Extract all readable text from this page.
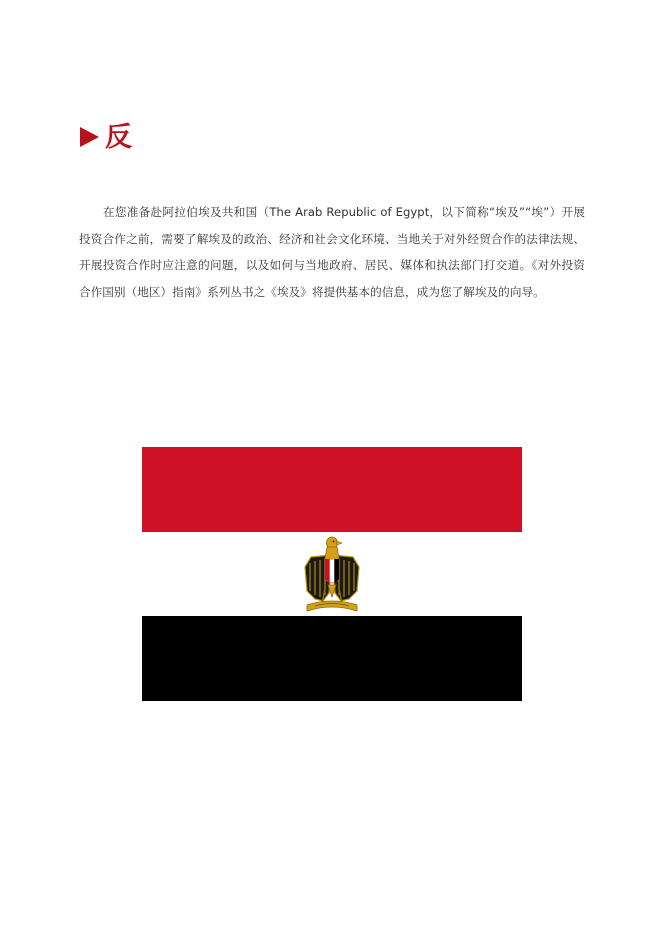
反

在您准备赴阿拉伯埃及共和国（The Arab Republic of Egypt，以下简称“埃及”“埃”）开展投资合作之前，需要了解埃及的政治、经济和社会文化环境、当地关于对外经贸合作的法律法规、开展投资合作时应注意的问题，以及如何与当地政府、居民、媒体和执法部门打交道。《对外投资合作国别（地区）指南》系列丛书之《埃及》将提供基本的信息，成为您了解埃及的向导。
